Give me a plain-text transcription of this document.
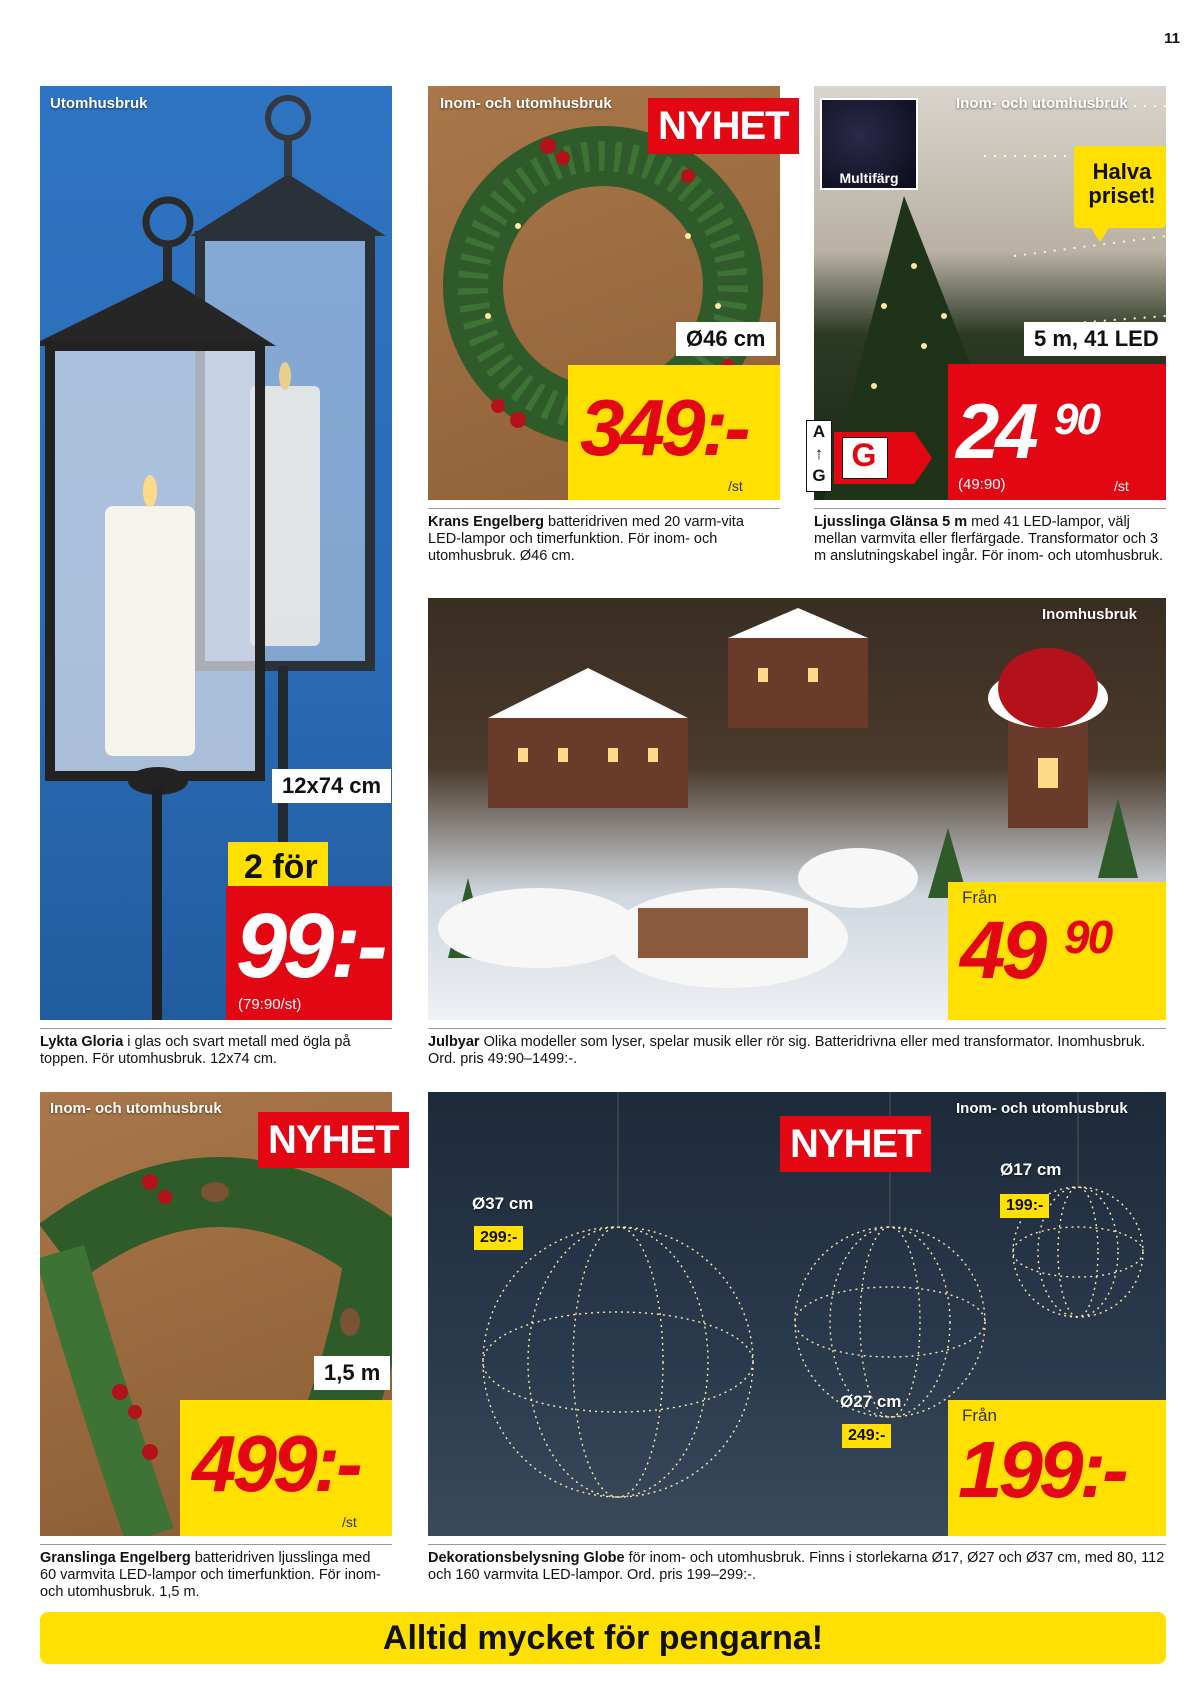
11
Utomhusbruk
12x74 cm
2 för
99:-
(79:90/st)
Lykta Gloria i glas och svart metall med ögla på toppen. För utomhusbruk. 12x74 cm.
Inom- och utomhusbruk
NYHET
Ø46 cm
349:-
/st
Krans Engelberg batteridriven med 20 varm-vita LED-lampor och timerfunktion. För inom- och utomhusbruk. Ø46 cm.
Multifärg
Inom- och utomhusbruk
Halva priset!
5 m, 41 LED
A
↑
G
G 24 90
(49:90)	/st
Ljusslinga Glänsa 5 m med 41 LED-lampor, välj mellan varmvita eller flerfärgade. Transformator och 3 m anslutningskabel ingår. För inom- och utomhusbruk.
Inomhusbruk
Från
49 90
Julbyar Olika modeller som lyser, spelar musik eller rör sig. Batteridrivna eller med transformator. Inomhusbruk. Ord. pris 49:90–1499:-.
Inom- och utomhusbruk
NYHET
1,5 m
499:-
/st
Granslinga Engelberg batteridriven ljusslinga med 60 varmvita LED-lampor och timerfunktion. För inom- och utomhusbruk. 1,5 m.
Inom- och utomhusbruk
NYHET
Ø37 cm
299:-
Ø27 cm
249:-
Ø17 cm
199:-
Från
199:-
Dekorationsbelysning Globe för inom- och utomhusbruk. Finns i storlekarna Ø17, Ø27 och Ø37 cm, med 80, 112 och 160 varmvita LED-lampor. Ord. pris 199–299:-.
Alltid mycket för pengarna!
